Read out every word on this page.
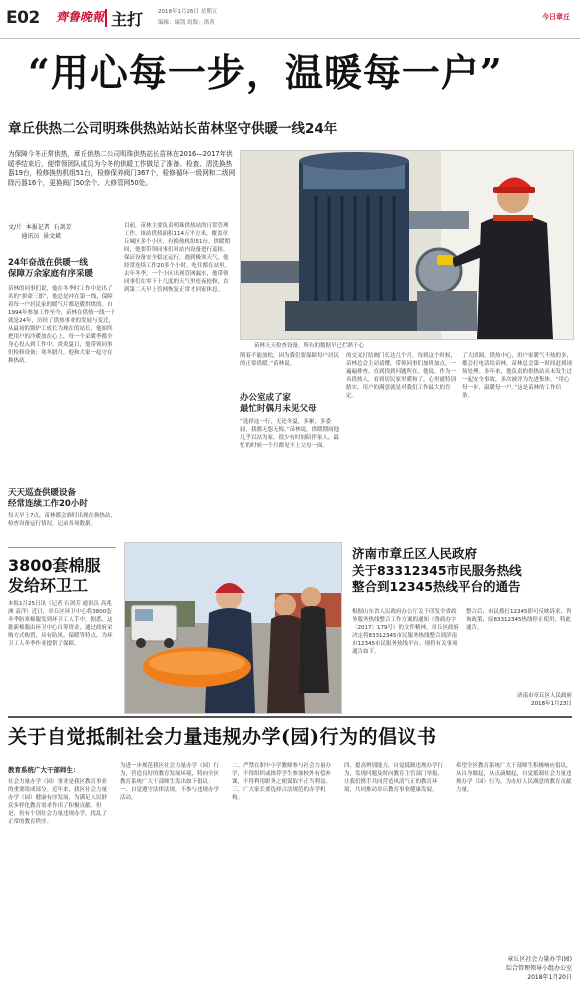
E02 齊鲁晚報 主打	2018年1月26日 星期五
编辑：康凯 组版：洛菁
今日章丘
“用心每一步，温暖每一户”
章丘供热二公司明珠供热站站长苗林坚守供暖一线24年
为保障今冬正常供热，章丘供热二公司明珠供热站长苗林在2016—2017年供暖季结束后，便带领团队成员为今冬的供暖工作做足了准备。检查、清洗换热器19台，检修换热机组51台，检修保养阀门367个，检修循环一级网和二级网除污器16个，更换阀门50余个、大修管网50处。
文/片  本报记者  石剑芳
通讯员  景文斌
24年奋战在供暖一线
保障万余家庭有序采暖
苗林的同事们说，他在冬季时工作中是出了名的“拼命三郎”，他总是冲在第一线，保障着每一户居民家的暖气片都是暖烘烘的。自1994年参加工作至今，苗林在供热一线一干就是24年，历经了供热事业的发展与变迁，从最初的锅炉工成长为现在的站长，他始终把用户的冷暖放在心上，每一个采暖季都全身心投入到工作中。炎炎夏日，他带领同事们检修设备；寒冬腊月，他和大家一起守在换热站。
天天巡查供暖设备
经常连续工作20小时
每天早上7点，苗林都会准时出现在换热站，检查设备运行情况，记录各项数据。
目前，苗林主要负责明珠供热站的日常管理工作。该站供热面积114万平方米，覆盖章丘城区多个小区，有换热机组51台。供暖期间，他要带领同事们对站内设备进行巡检，保证设备安全稳定运行。遇到极寒天气，他经常连续工作20多个小时，吃住都在站里。去年冬季，一个小区出现管网漏水，他带领同事们在零下十几度的天气里连夜抢修，直到第二天早上管网恢复正常才回家休息。
苗林天天检查设备，所有的数据早已烂熟于心
削着不能放松，因为我们要保障每户居民的正常供暖。”苗林说。
办公室成了家
最忙时偶月未见父母
“选择这一行，无论冬夏，多累，多委屈，我都无怨无悔。”苗林说，供暖期间他几乎以站为家，很少有时间陪伴家人，最忙的时候一个月都见不上父母一面。
的交叉打结阀门长达几个月。每到这个时候，苗林总会主动请缨，带领同事们加班加点，一遍遍排查，直到找到问题所在。他说，作为一名供热人，看到居民家里暖和了，心里就特别踏实。用户的满意就是对我们工作最大的肯定。
了大团圆。供热中心，用户家暖气不热的多，都会打电话给苗林，苗林总会第一时间赶到现场处理。多年来，他负责的供热站从未发生过一起安全事故，多次被评为先进集体。“用心每一步，温暖每一户。”这是苗林的工作信条。
3800套棉服
发给环卫工
本报1月25日讯（记者 石剑芳 通讯员 高兆洲 袁洋）近日，章丘区环卫中心将3800套冬季防寒棉服发到环卫工人手中。据悉，这批新棉服由环卫中心自筹资金，通过政府采购方式购置，具有防风、保暖等特点，为环卫工人冬季作业提供了保障。
济南市章丘区人民政府
关于83312345市民服务热线
整合到12345热线平台的通告
根据山东省人民政府办公厅关于印发全省政务服务热线整合工作方案的通知（鲁政办字〔2017〕179号）的文件精神，章丘区政府决定将83312345市民服务热线整合到济南市12345市民服务热线平台，现将有关事项通告如下。
整合后，市民拨打12345即可反映诉求、咨询政策，原83312345热线停止使用。特此通告。
济南市章丘区人民政府
2018年1月23日
关于自觉抵制社会力量违规办学(园)行为的倡议书
教育系统广大干部师生：
社会力量办学（园）事业是我区教育事业的重要组成部分。近年来，我区社会力量办学（园）健康有序发展，为满足人民群众多样化教育需求作出了积极贡献。但是，仍有个别社会力量违规办学，扰乱了正常的教育秩序。
为进一步规范我区社会力量办学（园）行为，营造良好的教育发展环境，特向全区教育系统广大干部师生发出如下倡议：一、自觉遵守法律法规，不参与违规办学活动。
二、严禁在职中小学教师参与社会力量办学，不得组织或推荐学生参加校外有偿补课，不得利用职务之便谋取不正当利益。三、广大家长要选择合法规范的办学机构。
四、提高辨别能力，自觉抵制违规办学行为，发现问题及时向教育主管部门举报。让我们携手共同营造风清气正的教育环境，共同推动章丘教育事业健康发展。
希望全区教育系统广大干部师生积极响应倡议，从自身做起，从点滴做起，自觉抵制社会力量违规办学（园）行为，为办好人民满意的教育贡献力量。
章丘区社会力量办学(园)
综合管理领导小组办公室
2018年1月20日
